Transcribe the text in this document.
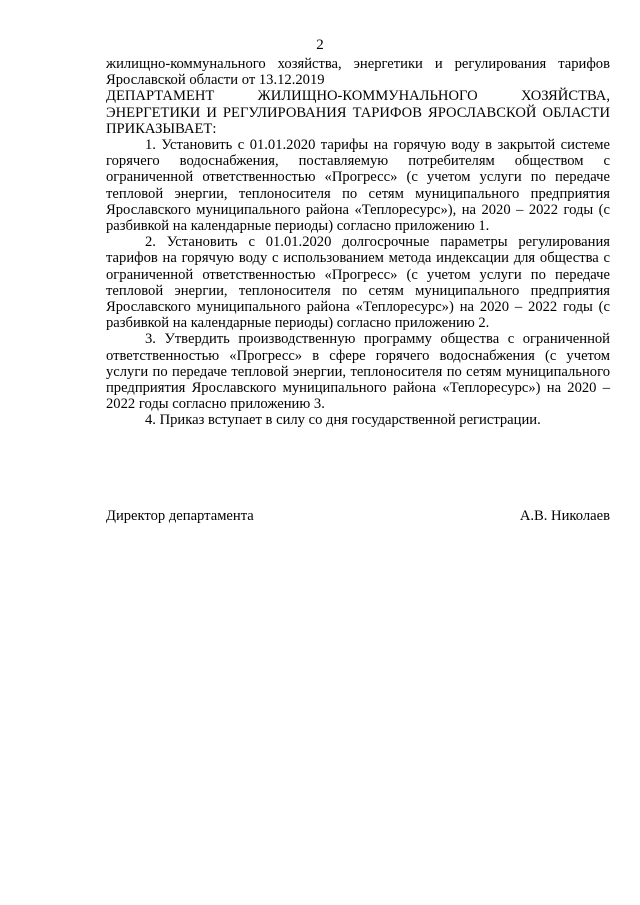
2

жилищно-коммунального хозяйства, энергетики и регулирования тарифов Ярославской области от 13.12.2019

ДЕПАРТАМЕНТ ЖИЛИЩНО-КОММУНАЛЬНОГО ХОЗЯЙСТВА, ЭНЕРГЕТИКИ И РЕГУЛИРОВАНИЯ ТАРИФОВ ЯРОСЛАВСКОЙ ОБЛАСТИ ПРИКАЗЫВАЕТ:

1. Установить с 01.01.2020 тарифы на горячую воду в закрытой системе горячего водоснабжения, поставляемую потребителям обществом с ограниченной ответственностью «Прогресс» (с учетом услуги по передаче тепловой энергии, теплоносителя по сетям муниципального предприятия Ярославского муниципального района «Теплоресурс»), на 2020 – 2022 годы (с разбивкой на календарные периоды) согласно приложению 1.

2. Установить с 01.01.2020 долгосрочные параметры регулирования тарифов на горячую воду с использованием метода индексации для общества с ограниченной ответственностью «Прогресс» (с учетом услуги по передаче тепловой энергии, теплоносителя по сетям муниципального предприятия Ярославского муниципального района «Теплоресурс») на 2020 – 2022 годы (с разбивкой на календарные периоды) согласно приложению 2.

3. Утвердить производственную программу общества с ограниченной ответственностью «Прогресс» в сфере горячего водоснабжения (с учетом услуги по передаче тепловой энергии, теплоносителя по сетям муниципального предприятия Ярославского муниципального района «Теплоресурс») на 2020 – 2022 годы согласно приложению 3.

4. Приказ вступает в силу со дня государственной регистрации.

Директор департамента	А.В. Николаев
